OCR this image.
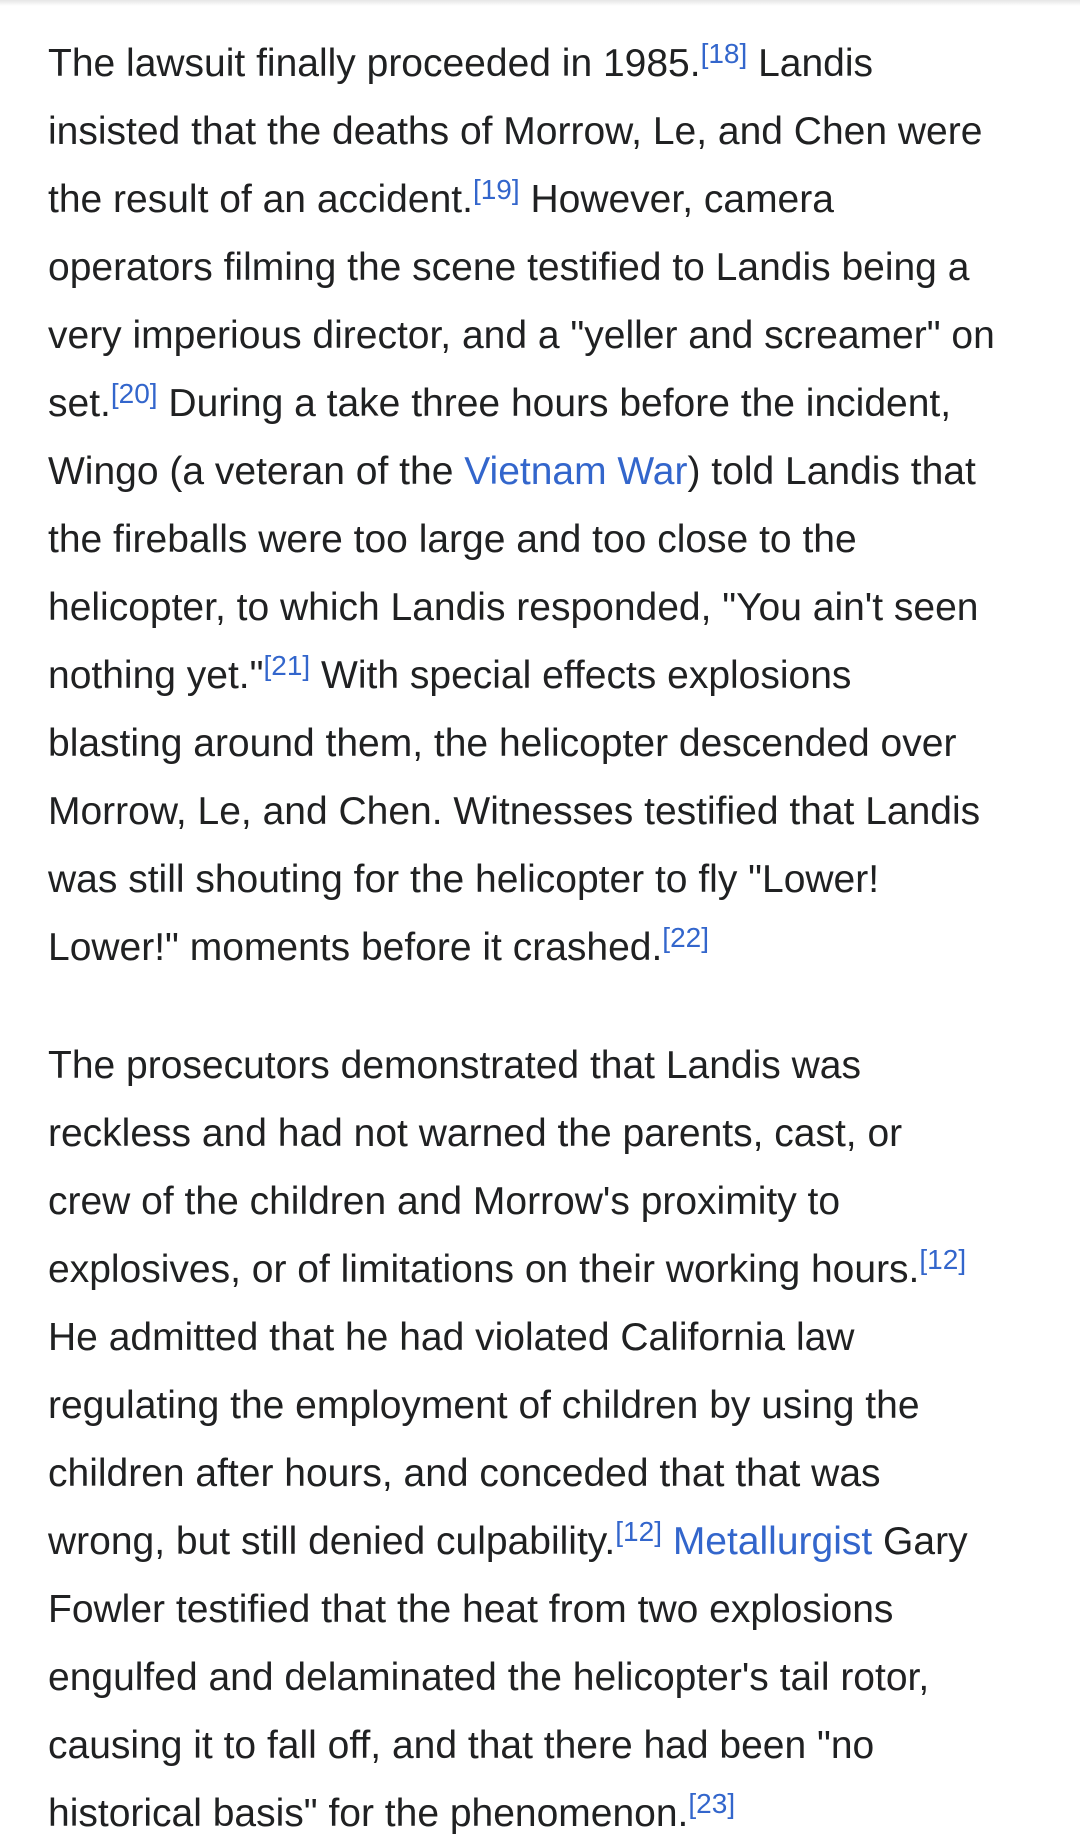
The lawsuit finally proceeded in 1985.[18] Landis
insisted that the deaths of Morrow, Le, and Chen were
the result of an accident.[19] However, camera
operators filming the scene testified to Landis being a
very imperious director, and a "yeller and screamer" on
set.[20] During a take three hours before the incident,
Wingo (a veteran of the Vietnam War) told Landis that
the fireballs were too large and too close to the
helicopter, to which Landis responded, "You ain't seen
nothing yet."[21] With special effects explosions
blasting around them, the helicopter descended over
Morrow, Le, and Chen. Witnesses testified that Landis
was still shouting for the helicopter to fly "Lower!
Lower!" moments before it crashed.[22]

The prosecutors demonstrated that Landis was
reckless and had not warned the parents, cast, or
crew of the children and Morrow's proximity to
explosives, or of limitations on their working hours.[12]
He admitted that he had violated California law
regulating the employment of children by using the
children after hours, and conceded that that was
wrong, but still denied culpability.[12] Metallurgist Gary
Fowler testified that the heat from two explosions
engulfed and delaminated the helicopter's tail rotor,
causing it to fall off, and that there had been "no
historical basis" for the phenomenon.[23]
